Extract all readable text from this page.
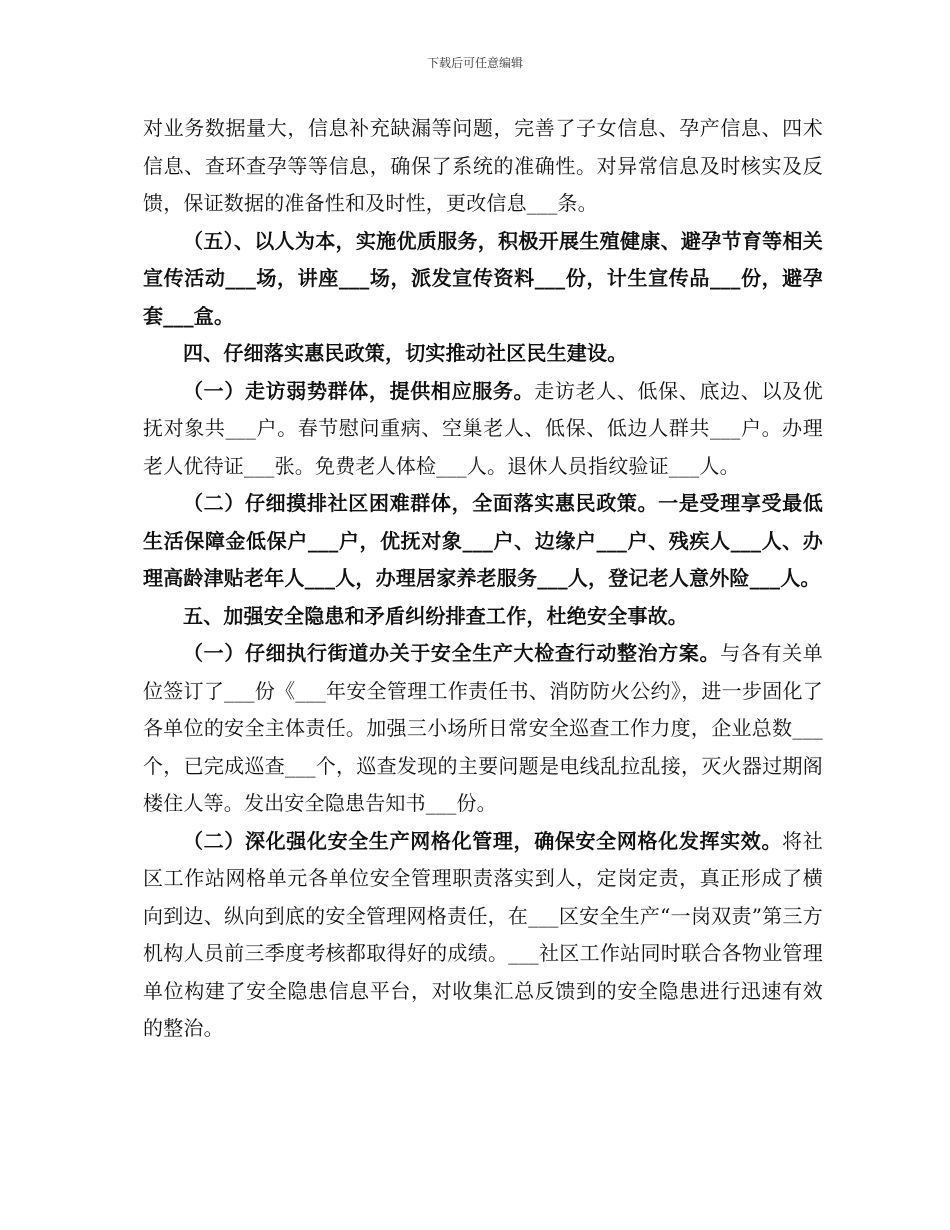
下载后可任意编辑

对业务数据量大，信息补充缺漏等问题，完善了子女信息、孕产信息、四术信息、查环查孕等等信息，确保了系统的准确性。对异常信息及时核实及反馈，保证数据的准备性和及时性，更改信息___条。

（五）、以人为本，实施优质服务，积极开展生殖健康、避孕节育等相关宣传活动___场，讲座___场，派发宣传资料___份，计生宣传品___份，避孕套___盒。

四、仔细落实惠民政策，切实推动社区民生建设。

（一）走访弱势群体，提供相应服务。走访老人、低保、底边、以及优抚对象共___户。春节慰问重病、空巢老人、低保、低边人群共___户。办理老人优待证___张。免费老人体检___人。退休人员指纹验证___人。

（二）仔细摸排社区困难群体，全面落实惠民政策。一是受理享受最低生活保障金低保户___户，优抚对象___户、边缘户___户、残疾人___人、办理高龄津贴老年人___人，办理居家养老服务___人，登记老人意外险___人。

五、加强安全隐患和矛盾纠纷排查工作，杜绝安全事故。

（一）仔细执行街道办关于安全生产大检查行动整治方案。与各有关单位签订了___份《___年安全管理工作责任书、消防防火公约》，进一步固化了各单位的安全主体责任。加强三小场所日常安全巡查工作力度，企业总数___个，已完成巡查___个，巡查发现的主要问题是电线乱拉乱接，灭火器过期阁楼住人等。发出安全隐患告知书___份。

（二）深化强化安全生产网格化管理，确保安全网格化发挥实效。将社区工作站网格单元各单位安全管理职责落实到人，定岗定责，真正形成了横向到边、纵向到底的安全管理网格责任，在___区安全生产“一岗双责”第三方机构人员前三季度考核都取得好的成绩。___社区工作站同时联合各物业管理单位构建了安全隐患信息平台，对收集汇总反馈到的安全隐患进行迅速有效的整治。
